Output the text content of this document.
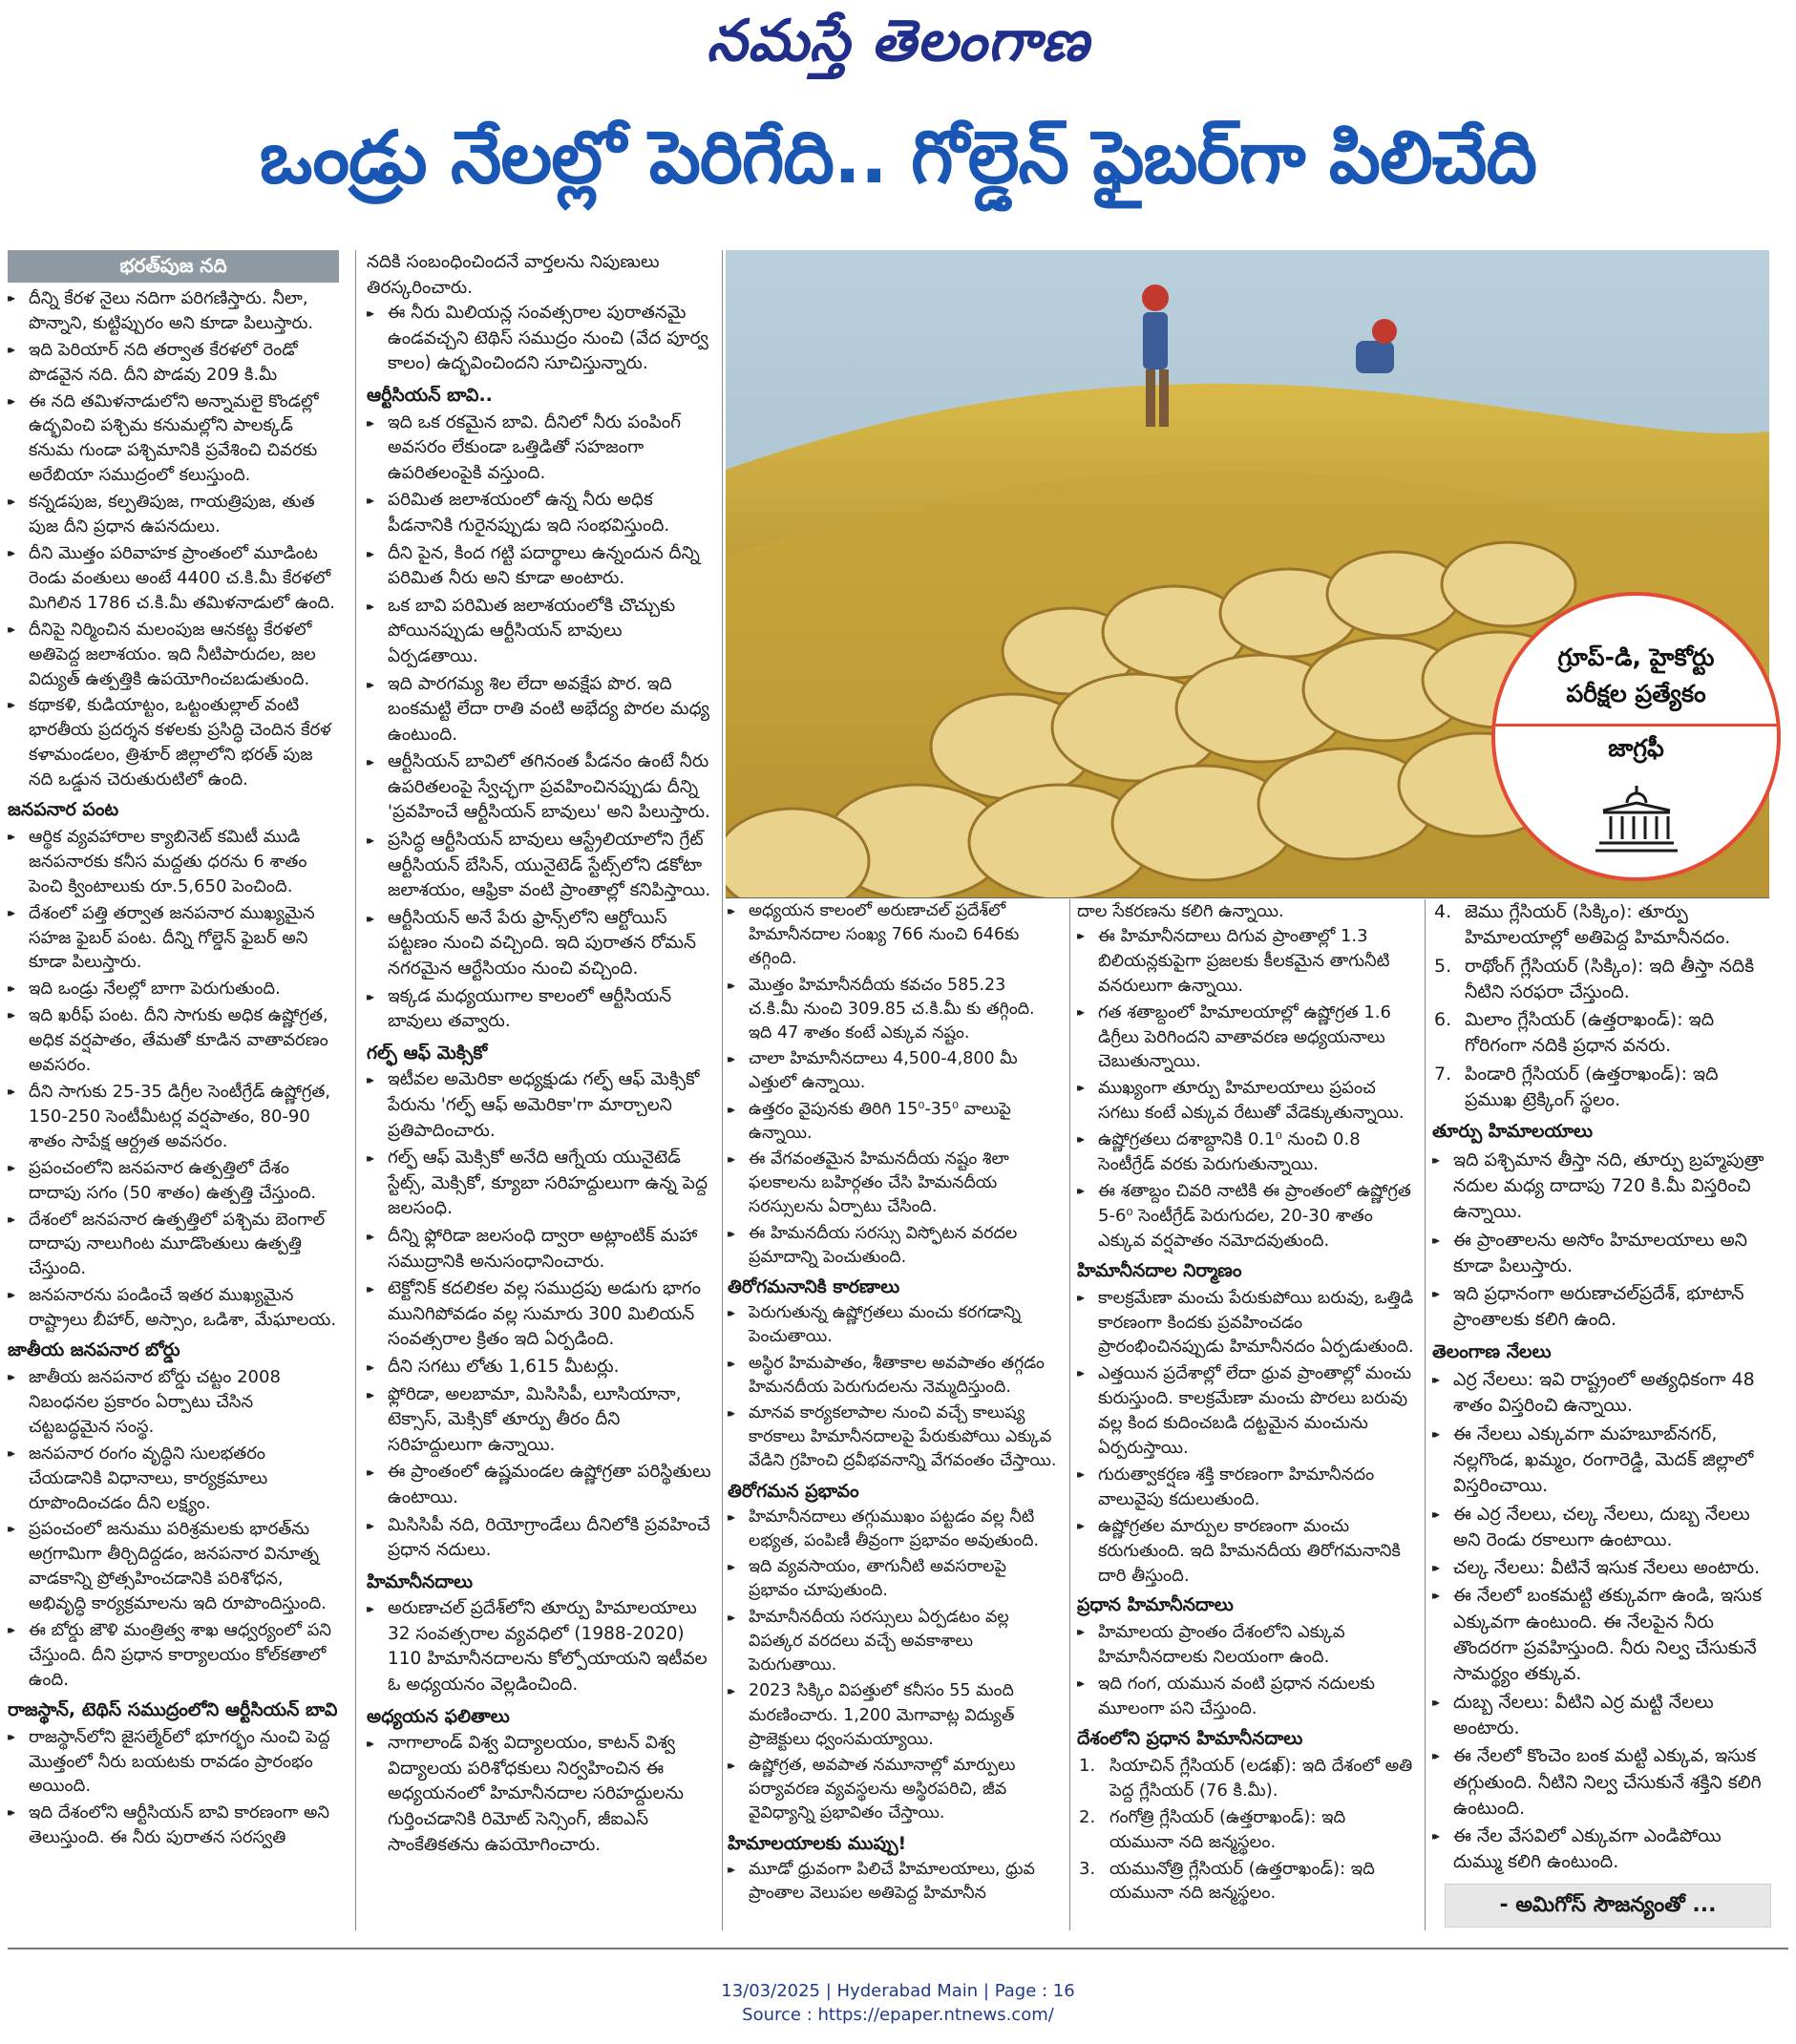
నమస్తే తెలంగాణ
ఒండ్రు నేలల్లో పెరిగేది.. గోల్డెన్ ఫైబర్‌గా పిలిచేది
భరత్‌పుజ నది
▸▸ దీన్ని కేరళ నైలు నదిగా పరిగణిస్తారు. నీలా, పొన్నాని, కుట్టిప్పురం అని కూడా పిలుస్తారు.
▸▸ ఇది పెరియార్ నది తర్వాత కేరళలో రెండో పొడవైన నది. దీని పొడవు 209 కి.మీ
▸▸ ఈ నది తమిళనాడులోని అన్నామలై కొండల్లో ఉద్భవించి పశ్చిమ కనుమల్లోని పాలక్కడ్ కనుమ గుండా పశ్చిమానికి ప్రవేశించి చివరకు అరేబియా సముద్రంలో కలుస్తుంది.
▸▸ కన్నడపుజ, కల్పతిపుజ, గాయత్రిపుజ, తుత పుజ దీని ప్రధాన ఉపనదులు.
▸▸ దీని మొత్తం పరివాహక ప్రాంతంలో మూడింట రెండు వంతులు అంటే 4400 చ.కి.మీ కేరళలో మిగిలిన 1786 చ.కి.మీ తమిళనాడులో ఉంది.
▸▸ దీనిపై నిర్మించిన మలంపుజ ఆనకట్ట కేరళలో అతిపెద్ద జలాశయం. ఇది నీటిపారుదల, జల విద్యుత్ ఉత్పత్తికి ఉపయోగించబడుతుంది.
▸▸ కథాకళి, కుడియాట్టం, ఒట్టంతుల్లాల్ వంటి భారతీయ ప్రదర్శన కళలకు ప్రసిద్ధి చెందిన కేరళ కళామండలం, త్రిశూర్ జిల్లాలోని భరత్ పుజ నది ఒడ్డున చెరుతురుటిలో ఉంది.
జనపనార పంట
▸▸ ఆర్థిక వ్యవహారాల క్యాబినెట్ కమిటీ ముడి జనపనారకు కనీస మద్దతు ధరను 6 శాతం పెంచి క్వింటాలుకు రూ.5,650 పెంచింది.
▸▸ దేశంలో పత్తి తర్వాత జనపనార ముఖ్యమైన సహజ ఫైబర్ పంట. దీన్ని గోల్డెన్ ఫైబర్ అని కూడా పిలుస్తారు.
▸▸ ఇది ఒండ్రు నేలల్లో బాగా పెరుగుతుంది.
▸▸ ఇది ఖరీఫ్ పంట. దీని సాగుకు అధిక ఉష్ణోగ్రత, అధిక వర్షపాతం, తేమతో కూడిన వాతావరణం అవసరం.
▸▸ దీని సాగుకు 25-35 డిగ్రీల సెంటీగ్రేడ్ ఉష్ణోగ్రత, 150-250 సెంటీమీటర్ల వర్షపాతం, 80-90 శాతం సాపేక్ష ఆర్ద్రత అవసరం.
▸▸ ప్రపంచంలోని జనపనార ఉత్పత్తిలో దేశం దాదాపు సగం (50 శాతం) ఉత్పత్తి చేస్తుంది.
▸▸ దేశంలో జనపనార ఉత్పత్తిలో పశ్చిమ బెంగాల్ దాదాపు నాలుగింట మూడొంతులు ఉత్పత్తి చేస్తుంది.
▸▸ జనపనారను పండించే ఇతర ముఖ్యమైన రాష్ట్రాలు బీహార్, అస్సాం, ఒడిశా, మేఘాలయ.
జాతీయ జనపనార బోర్డు
▸▸ జాతీయ జనపనార బోర్డు చట్టం 2008 నిబంధనల ప్రకారం ఏర్పాటు చేసిన చట్టబద్ధమైన సంస్థ.
▸▸ జనపనార రంగం వృద్ధిని సులభతరం చేయడానికి విధానాలు, కార్యక్రమాలు రూపొందించడం దీని లక్ష్యం.
▸▸ ప్రపంచంలో జనుము పరిశ్రమలకు భారత్‌ను అగ్రగామిగా తీర్చిదిద్దడం, జనపనార వినూత్న వాడకాన్ని ప్రోత్సహించడానికి పరిశోధన, అభివృద్ధి కార్యక్రమాలను ఇది రూపొందిస్తుంది.
▸▸ ఈ బోర్డు జౌళి మంత్రిత్వ శాఖ ఆధ్వర్యంలో పని చేస్తుంది. దీని ప్రధాన కార్యాలయం కోల్‌కతాలో ఉంది.
రాజస్థాన్, టెథిస్ సముద్రంలోని ఆర్టీసియన్ బావి
▸▸ రాజస్థాన్‌లోని జైసల్మేర్‌లో భూగర్భం నుంచి పెద్ద మొత్తంలో నీరు బయటకు రావడం ప్రారంభం అయింది.
▸▸ ఇది దేశంలోని ఆర్టీసియన్ బావి కారణంగా అని తెలుస్తుంది. ఈ నీరు పురాతన సరస్వతి
నదికి సంబంధించిందనే వార్తలను నిపుణులు తిరస్కరించారు.
▸▸ ఈ నీరు మిలియన్ల సంవత్సరాల పురాతనమై ఉండవచ్చని టెథిస్ సముద్రం నుంచి (వేద పూర్వ కాలం) ఉద్భవించిందని సూచిస్తున్నారు.
ఆర్టీసియన్ బావి..
▸▸ ఇది ఒక రకమైన బావి. దీనిలో నీరు పంపింగ్ అవసరం లేకుండా ఒత్తిడితో సహజంగా ఉపరితలంపైకి వస్తుంది.
▸▸ పరిమిత జలాశయంలో ఉన్న నీరు అధిక పీడనానికి గురైనప్పుడు ఇది సంభవిస్తుంది.
▸▸ దీని పైన, కింద గట్టి పదార్థాలు ఉన్నందున దీన్ని పరిమిత నీరు అని కూడా అంటారు.
▸▸ ఒక బావి పరిమిత జలాశయంలోకి చొచ్చుకు పోయినప్పుడు ఆర్టీసియన్ బావులు ఏర్పడతాయి.
▸▸ ఇది పారగమ్య శిల లేదా అవక్షేప పొర. ఇది బంకమట్టి లేదా రాతి వంటి అభేద్య పొరల మధ్య ఉంటుంది.
▸▸ ఆర్టీసియన్ బావిలో తగినంత పీడనం ఉంటే నీరు ఉపరితలంపై స్వేచ్ఛగా ప్రవహించినప్పుడు దీన్ని 'ప్రవహించే ఆర్టీసియన్ బావులు' అని పిలుస్తారు.
▸▸ ప్రసిద్ధ ఆర్టీసియన్ బావులు ఆస్ట్రేలియాలోని గ్రేట్ ఆర్టీసియన్ బేసిన్, యునైటెడ్ స్టేట్స్‌లోని డకోటా జలాశయం, ఆఫ్రికా వంటి ప్రాంతాల్లో కనిపిస్తాయి.
▸▸ ఆర్టీసియన్ అనే పేరు ఫ్రాన్స్‌లోని ఆర్టోయిస్ పట్టణం నుంచి వచ్చింది. ఇది పురాతన రోమన్ నగరమైన ఆర్టేసియం నుంచి వచ్చింది.
▸▸ ఇక్కడ మధ్యయుగాల కాలంలో ఆర్టీసియన్ బావులు తవ్వారు.
గల్ఫ్ ఆఫ్ మెక్సికో
▸▸ ఇటీవల అమెరికా అధ్యక్షుడు గల్ఫ్ ఆఫ్ మెక్సికో పేరును 'గల్ఫ్ ఆఫ్ అమెరికా'గా మార్చాలని ప్రతిపాదించారు.
▸▸ గల్ఫ్ ఆఫ్ మెక్సికో అనేది ఆగ్నేయ యునైటెడ్ స్టేట్స్, మెక్సికో, క్యూబా సరిహద్దులుగా ఉన్న పెద్ద జలసంధి.
▸▸ దీన్ని ఫ్లోరిడా జలసంధి ద్వారా అట్లాంటిక్ మహా సముద్రానికి అనుసంధానించారు.
▸▸ టెక్టోనిక్ కదలికల వల్ల సముద్రపు అడుగు భాగం మునిగిపోవడం వల్ల సుమారు 300 మిలియన్ సంవత్సరాల క్రితం ఇది ఏర్పడింది.
▸▸ దీని సగటు లోతు 1,615 మీటర్లు.
▸▸ ఫ్లోరిడా, అలబామా, మిసిసిపీ, లూసియానా, టెక్సాస్, మెక్సికో తూర్పు తీరం దీని సరిహద్దులుగా ఉన్నాయి.
▸▸ ఈ ప్రాంతంలో ఉష్ణమండల ఉష్ణోగ్రతా పరిస్థితులు ఉంటాయి.
▸▸ మిసిసిపీ నది, రియోగ్రాండేలు దీనిలోకి ప్రవహించే ప్రధాన నదులు.
హిమానీనదాలు
▸▸ అరుణాచల్ ప్రదేశ్‌లోని తూర్పు హిమాలయాలు 32 సంవత్సరాల వ్యవధిలో (1988-2020) 110 హిమానీనదాలను కోల్పోయాయని ఇటీవల ఓ అధ్యయనం వెల్లడించింది.
అధ్యయన ఫలితాలు
▸▸ నాగాలాండ్ విశ్వ విద్యాలయం, కాటన్ విశ్వ విద్యాలయ పరిశోధకులు నిర్వహించిన ఈ అధ్యయనంలో హిమానీనదాల సరిహద్దులను గుర్తించడానికి రిమోట్ సెన్సింగ్, జీఐఎస్ సాంకేతికతను ఉపయోగించారు.
గ్రూప్-డి, హైకోర్టు
పరీక్షల ప్రత్యేకం
జాగ్రఫీ
▸▸ అధ్యయన కాలంలో అరుణాచల్ ప్రదేశ్‌లో హిమానీనదాల సంఖ్య 766 నుంచి 646కు తగ్గింది.
▸▸ మొత్తం హిమానీనదీయ కవచం 585.23 చ.కి.మీ నుంచి 309.85 చ.కి.మీ కు తగ్గింది. ఇది 47 శాతం కంటే ఎక్కువ నష్టం.
▸▸ చాలా హిమానీనదాలు 4,500-4,800 మీ ఎత్తులో ఉన్నాయి.
▸▸ ఉత్తరం వైపునకు తిరిగి 15⁰-35⁰ వాలుపై ఉన్నాయి.
▸▸ ఈ వేగవంతమైన హిమనదీయ నష్టం శిలా ఫలకాలను బహిర్గతం చేసి హిమనదీయ సరస్సులను ఏర్పాటు చేసింది.
▸▸ ఈ హిమనదీయ సరస్సు విస్ఫోటన వరదల ప్రమాదాన్ని పెంచుతుంది.
తిరోగమనానికి కారణాలు
▸▸ పెరుగుతున్న ఉష్ణోగ్రతలు మంచు కరగడాన్ని పెంచుతాయి.
▸▸ అస్థిర హిమపాతం, శీతాకాల అవపాతం తగ్గడం హిమనదీయ పెరుగుదలను నెమ్మదిస్తుంది.
▸▸ మానవ కార్యకలాపాల నుంచి వచ్చే కాలుష్య కారకాలు హిమానీనదాలపై పేరుకుపోయి ఎక్కువ వేడిని గ్రహించి ద్రవీభవనాన్ని వేగవంతం చేస్తాయి.
తిరోగమన ప్రభావం
▸▸ హిమానీనదాలు తగ్గుముఖం పట్టడం వల్ల నీటి లభ్యత, పంపిణీ తీవ్రంగా ప్రభావం అవుతుంది.
▸▸ ఇది వ్యవసాయం, తాగునీటి అవసరాలపై ప్రభావం చూపుతుంది.
▸▸ హిమానీనదీయ సరస్సులు ఏర్పడటం వల్ల విపత్కర వరదలు వచ్చే అవకాశాలు పెరుగుతాయి.
▸▸ 2023 సిక్కిం విపత్తులో కనీసం 55 మంది మరణించారు. 1,200 మెగావాట్ల విద్యుత్ ప్రాజెక్టులు ధ్వంసమయ్యాయి.
▸▸ ఉష్ణోగ్రత, అవపాత నమూనాల్లో మార్పులు పర్యావరణ వ్యవస్థలను అస్థిరపరిచి, జీవ వైవిధ్యాన్ని ప్రభావితం చేస్తాయి.
హిమాలయాలకు ముప్పు!
▸▸ మూడో ధ్రువంగా పిలిచే హిమాలయాలు, ధ్రువ ప్రాంతాల వెలుపల అతిపెద్ద హిమానీన
దాల సేకరణను కలిగి ఉన్నాయి.
▸▸ ఈ హిమానీనదాలు దిగువ ప్రాంతాల్లో 1.3 బిలియన్లకుపైగా ప్రజలకు కీలకమైన తాగునీటి వనరులుగా ఉన్నాయి.
▸▸ గత శతాబ్దంలో హిమాలయాల్లో ఉష్ణోగ్రత 1.6 డిగ్రీలు పెరిగిందని వాతావరణ అధ్యయనాలు చెబుతున్నాయి.
▸▸ ముఖ్యంగా తూర్పు హిమాలయాలు ప్రపంచ సగటు కంటే ఎక్కువ రేటుతో వేడెక్కుతున్నాయి.
▸▸ ఉష్ణోగ్రతలు దశాబ్దానికి 0.1⁰ నుంచి 0.8 సెంటీగ్రేడ్ వరకు పెరుగుతున్నాయి.
▸▸ ఈ శతాబ్దం చివరి నాటికి ఈ ప్రాంతంలో ఉష్ణోగ్రత 5-6⁰ సెంటీగ్రేడ్ పెరుగుదల, 20-30 శాతం ఎక్కువ వర్షపాతం నమోదవుతుంది.
హిమానీనదాల నిర్మాణం
▸▸ కాలక్రమేణా మంచు పేరుకుపోయి బరువు, ఒత్తిడి కారణంగా కిందకు ప్రవహించడం ప్రారంభించినప్పుడు హిమానీనదం ఏర్పడుతుంది.
▸▸ ఎత్తయిన ప్రదేశాల్లో లేదా ధ్రువ ప్రాంతాల్లో మంచు కురుస్తుంది. కాలక్రమేణా మంచు పొరలు బరువు వల్ల కింద కుదించబడి దట్టమైన మంచును ఏర్పరుస్తాయి.
▸▸ గురుత్వాకర్షణ శక్తి కారణంగా హిమానీనదం వాలువైపు కదులుతుంది.
▸▸ ఉష్ణోగ్రతల మార్పుల కారణంగా మంచు కరుగుతుంది. ఇది హిమనదీయ తిరోగమనానికి దారి తీస్తుంది.
ప్రధాన హిమానీనదాలు
▸▸ హిమాలయ ప్రాంతం దేశంలోని ఎక్కువ హిమానీనదాలకు నిలయంగా ఉంది.
▸▸ ఇది గంగ, యమున వంటి ప్రధాన నదులకు మూలంగా పని చేస్తుంది.
దేశంలోని ప్రధాన హిమానీనదాలు
1. సియాచిన్ గ్లేసియర్ (లడఖ్): ఇది దేశంలో అతి పెద్ద గ్లేసియర్ (76 కి.మీ).
2. గంగోత్రి గ్లేసియర్ (ఉత్తరాఖండ్): ఇది యమునా నది జన్మస్థలం.
3. యమునోత్రి గ్లేసియర్ (ఉత్తరాఖండ్): ఇది యమునా నది జన్మస్థలం.
4. జెము గ్లేసియర్ (సిక్కిం): తూర్పు హిమాలయాల్లో అతిపెద్ద హిమానీనదం.
5. రాథోంగ్ గ్లేసియర్ (సిక్కిం): ఇది తీస్తా నదికి నీటిని సరఫరా చేస్తుంది.
6. మిలాం గ్లేసియర్ (ఉత్తరాఖండ్): ఇది గోరిగంగా నదికి ప్రధాన వనరు.
7. పిండారి గ్లేసియర్ (ఉత్తరాఖండ్): ఇది ప్రముఖ ట్రెక్కింగ్ స్థలం.
తూర్పు హిమాలయాలు
▸▸ ఇది పశ్చిమాన తీస్తా నది, తూర్పు బ్రహ్మపుత్రా నదుల మధ్య దాదాపు 720 కి.మీ విస్తరించి ఉన్నాయి.
▸▸ ఈ ప్రాంతాలను అసోం హిమాలయాలు అని కూడా పిలుస్తారు.
▸▸ ఇది ప్రధానంగా అరుణాచల్‌ప్రదేశ్, భూటాన్ ప్రాంతాలకు కలిగి ఉంది.
తెలంగాణ నేలలు
▸▸ ఎర్ర నేలలు: ఇవి రాష్ట్రంలో అత్యధికంగా 48 శాతం విస్తరించి ఉన్నాయి.
▸▸ ఈ నేలలు ఎక్కువగా మహబూబ్‌నగర్, నల్లగొండ, ఖమ్మం, రంగారెడ్డి, మెదక్ జిల్లాలో విస్తరించాయి.
▸▸ ఈ ఎర్ర నేలలు, చల్క నేలలు, దుబ్బ నేలలు అని రెండు రకాలుగా ఉంటాయి.
▸▸ చల్క నేలలు: వీటినే ఇసుక నేలలు అంటారు.
▸▸ ఈ నేలలో బంకమట్టి తక్కువగా ఉండి, ఇసుక ఎక్కువగా ఉంటుంది. ఈ నేలపైన నీరు తొందరగా ప్రవహిస్తుంది. నీరు నిల్వ చేసుకునే సామర్థ్యం తక్కువ.
▸▸ దుబ్బ నేలలు: వీటిని ఎర్ర మట్టి నేలలు అంటారు.
▸▸ ఈ నేలలో కొంచెం బంక మట్టి ఎక్కువ, ఇసుక తగ్గుతుంది. నీటిని నిల్వ చేసుకునే శక్తిని కలిగి ఉంటుంది.
▸▸ ఈ నేల వేసవిలో ఎక్కువగా ఎండిపోయి దుమ్ము కలిగి ఉంటుంది.
- అమిగోస్ సౌజన్యంతో ...
13/03/2025 | Hyderabad Main | Page : 16
Source : https://epaper.ntnews.com/
